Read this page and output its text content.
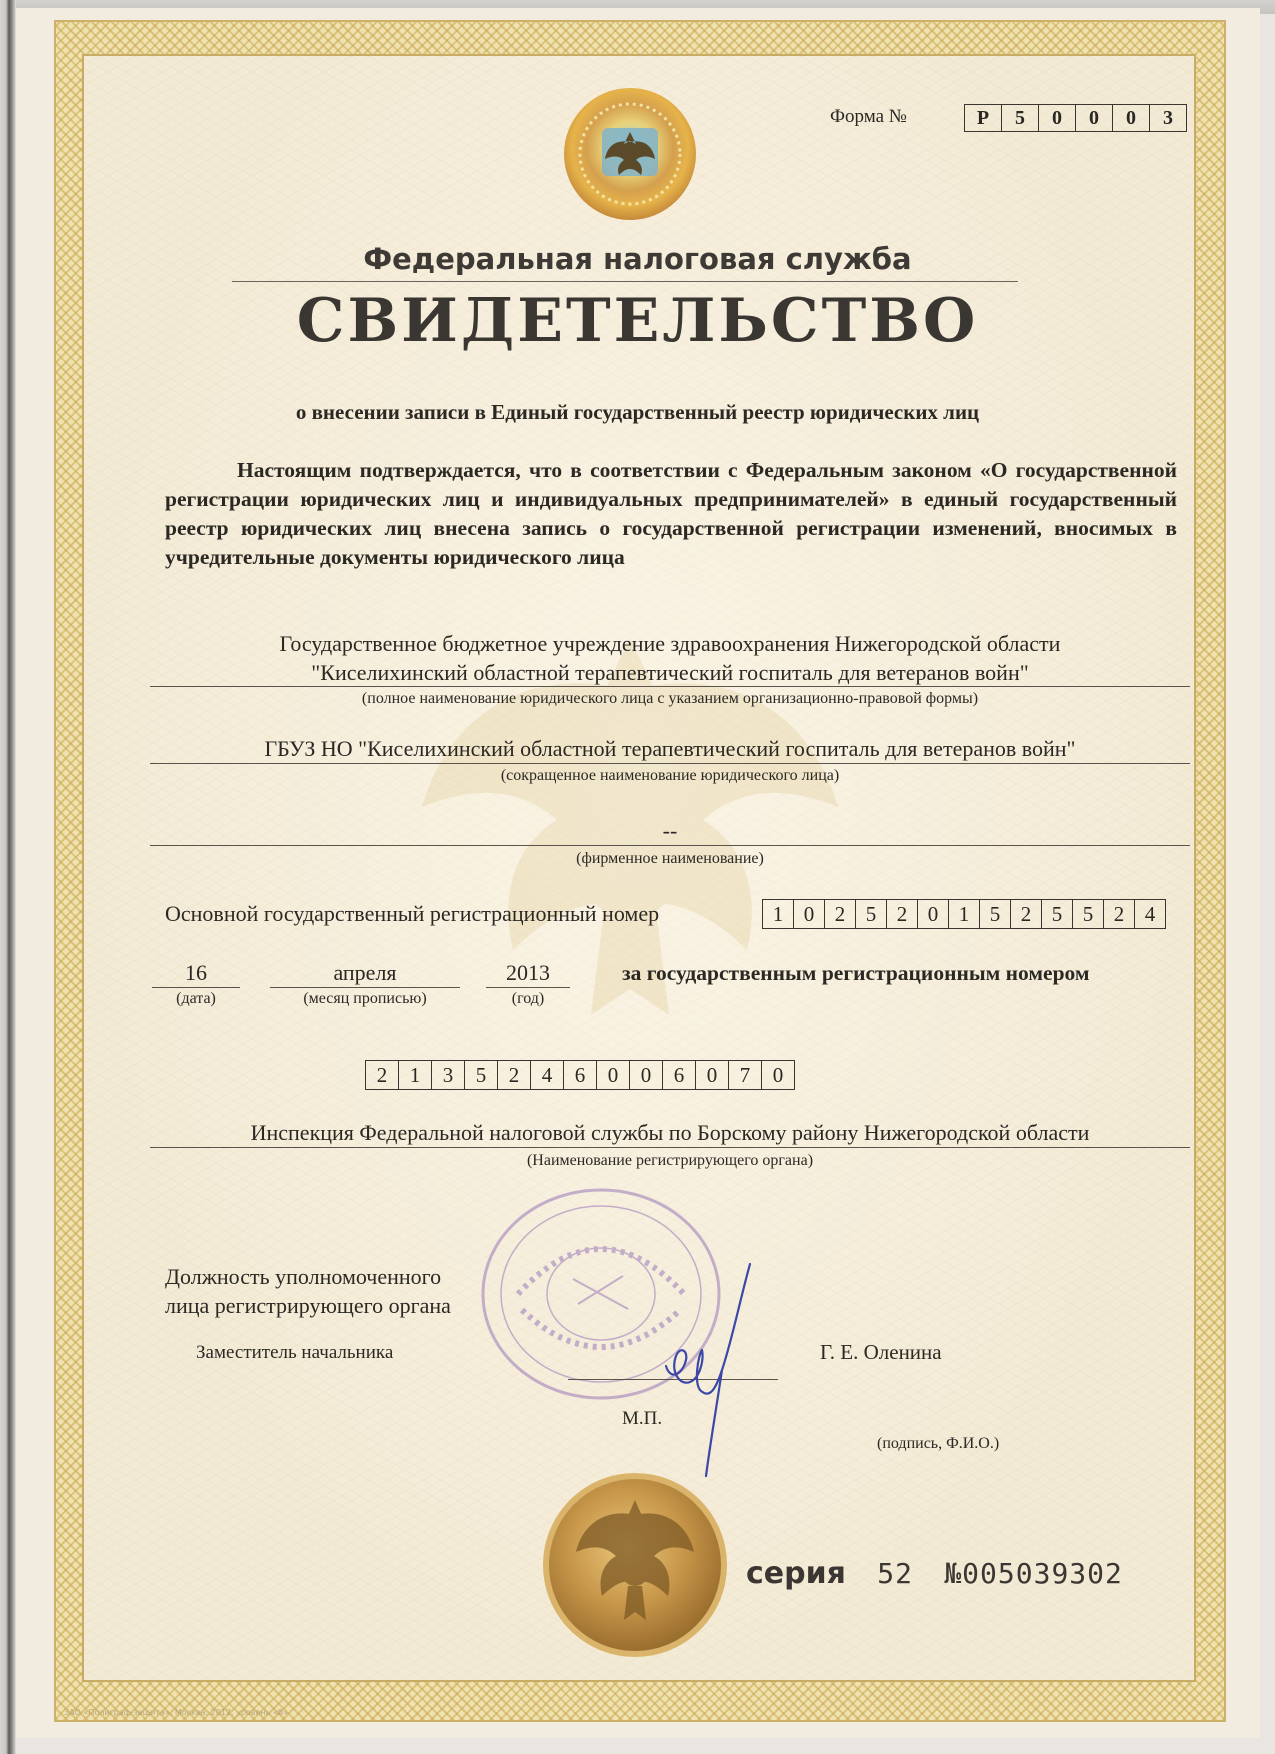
Форма №	Р	5	0	0	0	3
Федеральная налоговая служба
СВИДЕТЕЛЬСТВО
о внесении записи в Единый государственный реестр юридических лиц
Настоящим подтверждается, что в соответствии с Федеральным законом «О государственной регистрации юридических лиц и индивидуальных предпринимателей» в единый государственный реестр юридических лиц внесена запись о государственной регистрации изменений, вносимых в учредительные документы юридического лица
Государственное бюджетное учреждение здравоохранения Нижегородской области
"Киселихинский областной терапевтический госпиталь для ветеранов войн"
(полное наименование юридического лица с указанием организационно-правовой формы)
ГБУЗ НО "Киселихинский областной терапевтический госпиталь для ветеранов войн"
(сокращенное наименование юридического лица)
--
(фирменное наименование)
Основной государственный регистрационный номер	1 0 2 5 2 0 1 5 2 5 5 2 4
16
(дата)
апреля
(месяц прописью)
2013
(год)
за государственным регистрационным номером
2	1	3	5	2	4	6	0	0	6	0	7	0
Инспекция Федеральной налоговой службы по Борскому району Нижегородской области
(Наименование регистрирующего органа)
Должность уполномоченного
лица регистрирующего органа
Заместитель начальника	Г. Е. Оленина
М.П.
(подпись, Ф.И.О.)
серия 52 №005039302
ЗАО «Полиграф-защита», Москва, 2012, уровень «В»
